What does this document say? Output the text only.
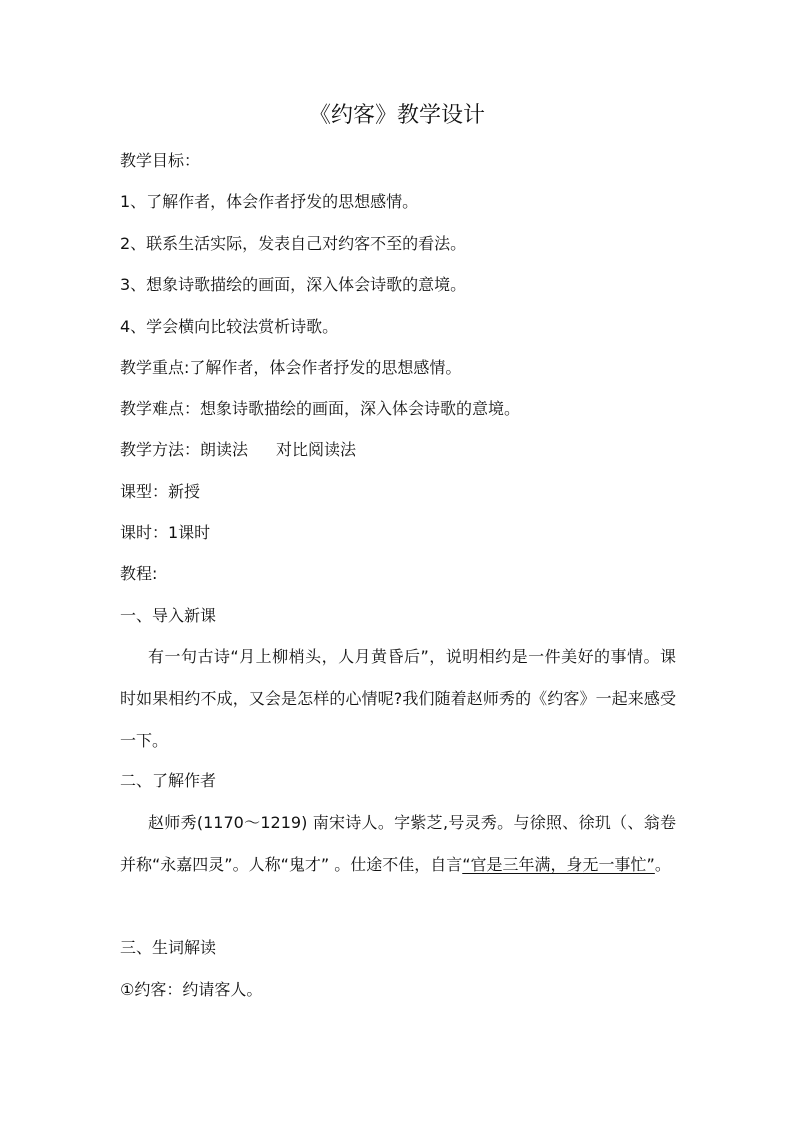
《约客》教学设计
教学目标：
1、了解作者，体会作者抒发的思想感情。
2、联系生活实际，发表自己对约客不至的看法。
3、想象诗歌描绘的画面，深入体会诗歌的意境。
4、学会横向比较法赏析诗歌。
教学重点:了解作者，体会作者抒发的思想感情。
教学难点：想象诗歌描绘的画面，深入体会诗歌的意境。
教学方法：朗读法 对比阅读法
课型：新授
课时：1课时
教程:
一、导入新课
有一句古诗“月上柳梢头，人月黄昏后”，说明相约是一件美好的事情。课时如果相约不成，又会是怎样的心情呢?我们随着赵师秀的《约客》一起来感受一下。
二、了解作者
赵师秀(1170～1219) 南宋诗人。字紫芝,号灵秀。与徐照、徐玑（、翁卷并称“永嘉四灵”。人称“鬼才” 。仕途不佳，自言“官是三年满，身无一事忙”。
三、生词解读
①约客：约请客人。
